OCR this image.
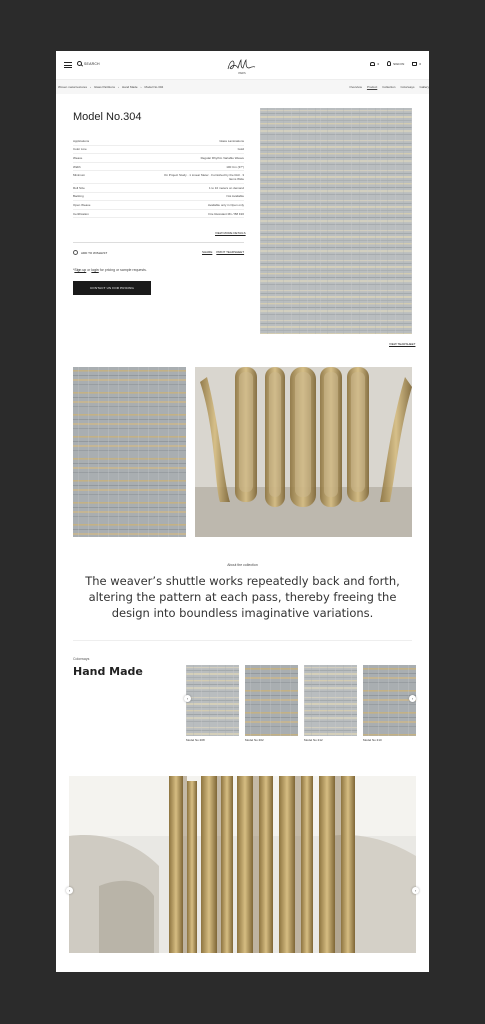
SEARCH
PARIS
0	SIGN IN	0
Woven metal textures › Glass Partitions › Hand Made › Model No.304	Overview Product Collection Colorways Gallery
Model No.304
Applications	Glass Laminations
Color Line	Gold
Weave	Regular Rhythm Variable Weave
Width	100 Cm (37")
Minimum	On Project Study · 1 Linear Meter · Furnished by the Roll · 3 Items Wide
Roll Size	1 to 10 meters on demand
Backing	Not Available
Open Weave	Available only in Open only
Certification	Fire Resistant M1 / B8 F20
VIEW MORE DETAILS
ADD TO WISHLIST	SHARE PRINT TEARSHEET

*Sign up or login for pricing or sample requests.

CONTACT US FOR PRICING
VIEW TEARSHEET
About the collection

The weaver’s shuttle works repeatedly back and forth, altering the pattern at each pass, thereby freeing the design into boundless imaginative variations.

Colorways
Hand Made
Model No.308	Model No.302	Model No.312	Model No.310
‹	›
‹	›
